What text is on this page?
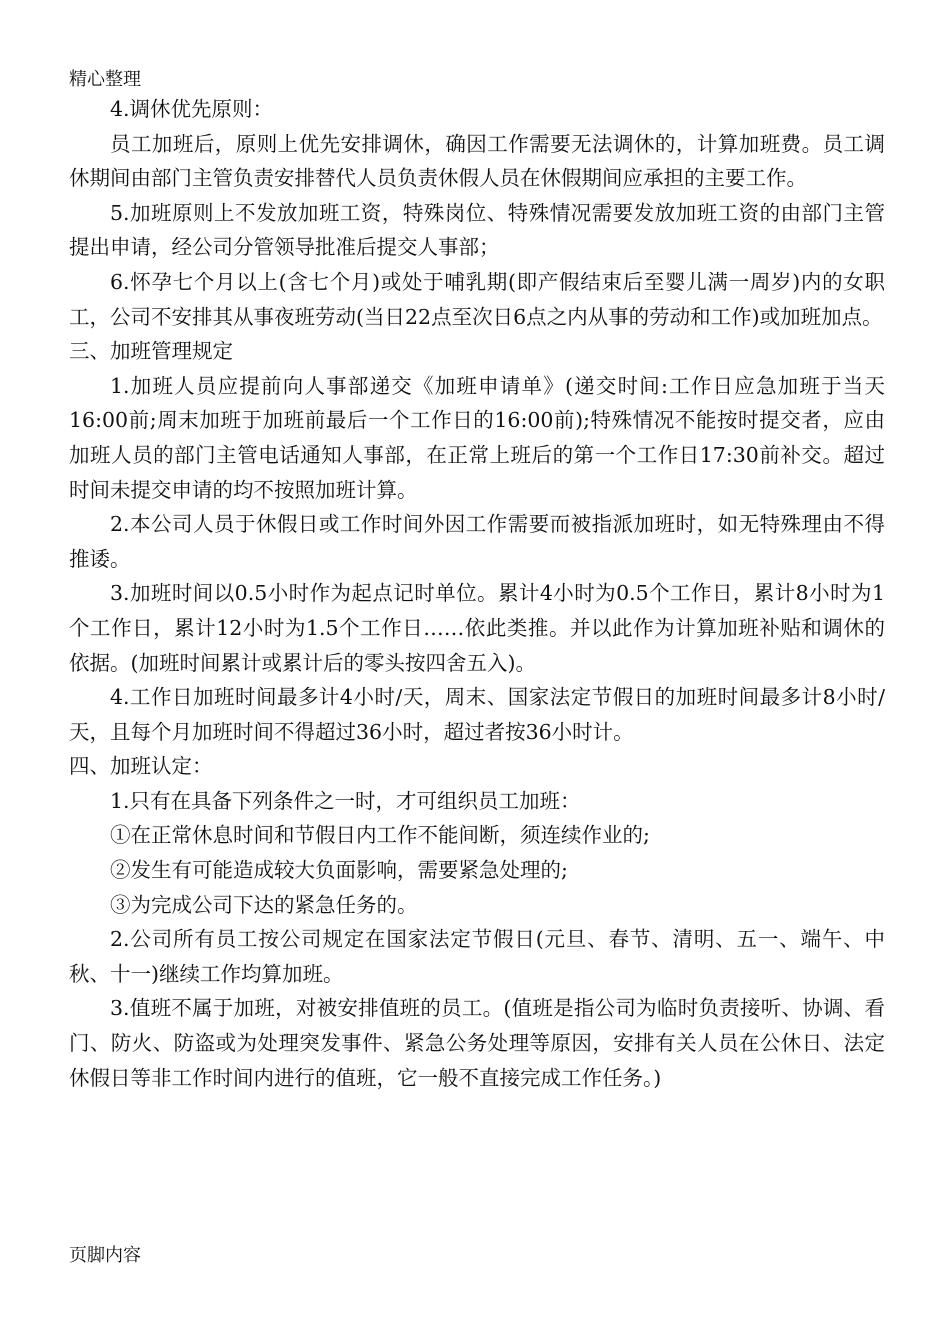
精心整理

4.调休优先原则：

员工加班后，原则上优先安排调休，确因工作需要无法调休的，计算加班费。员工调休期间由部门主管负责安排替代人员负责休假人员在休假期间应承担的主要工作。

5.加班原则上不发放加班工资，特殊岗位、特殊情况需要发放加班工资的由部门主管提出申请，经公司分管领导批准后提交人事部；

6.怀孕七个月以上(含七个月)或处于哺乳期(即产假结束后至婴儿满一周岁)内的女职工，公司不安排其从事夜班劳动(当日22点至次日6点之内从事的劳动和工作)或加班加点。

三、加班管理规定

1.加班人员应提前向人事部递交《加班申请单》(递交时间:工作日应急加班于当天16:00前;周末加班于加班前最后一个工作日的16:00前);特殊情况不能按时提交者，应由加班人员的部门主管电话通知人事部，在正常上班后的第一个工作日17:30前补交。超过时间未提交申请的均不按照加班计算。

2.本公司人员于休假日或工作时间外因工作需要而被指派加班时，如无特殊理由不得推诿。

3.加班时间以0.5小时作为起点记时单位。累计4小时为0.5个工作日，累计8小时为1个工作日，累计12小时为1.5个工作日……依此类推。并以此作为计算加班补贴和调休的依据。(加班时间累计或累计后的零头按四舍五入)。

4.工作日加班时间最多计4小时/天，周末、国家法定节假日的加班时间最多计8小时/天，且每个月加班时间不得超过36小时，超过者按36小时计。

四、加班认定：

1.只有在具备下列条件之一时，才可组织员工加班：

①在正常休息时间和节假日内工作不能间断，须连续作业的;

②发生有可能造成较大负面影响，需要紧急处理的;

③为完成公司下达的紧急任务的。

2.公司所有员工按公司规定在国家法定节假日(元旦、春节、清明、五一、端午、中秋、十一)继续工作均算加班。

3.值班不属于加班，对被安排值班的员工。(值班是指公司为临时负责接听、协调、看门、防火、防盗或为处理突发事件、紧急公务处理等原因，安排有关人员在公休日、法定休假日等非工作时间内进行的值班，它一般不直接完成工作任务。)

页脚内容
